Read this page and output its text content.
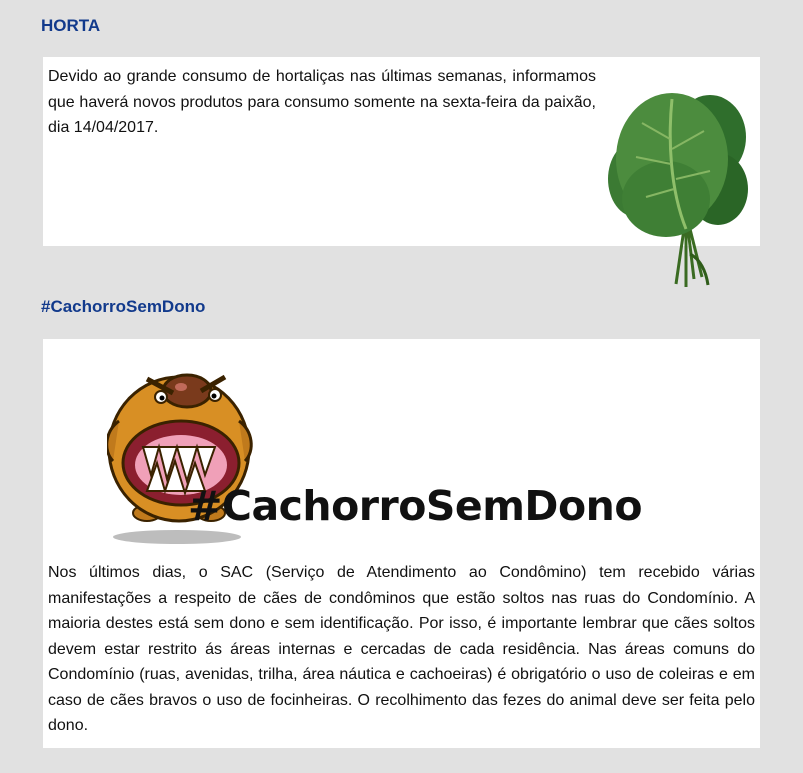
HORTA

Devido ao grande consumo de hortaliças nas últimas semanas, informamos que haverá novos produtos para consumo somente na sexta-feira da paixão, dia 14/04/2017.

#CachorroSemDono
#CachorroSemDono

Nos últimos dias, o SAC (Serviço de Atendimento ao Condômino) tem recebido várias manifestações a respeito de cães de condôminos que estão soltos nas ruas do Condomínio. A maioria destes está sem dono e sem identificação. Por isso, é importante lembrar que cães soltos devem estar restrito ás áreas internas e cercadas de cada residência. Nas áreas comuns do Condomínio (ruas, avenidas, trilha, área náutica e cachoeiras) é obrigatório o uso de coleiras e em caso de cães bravos o uso de focinheiras. O recolhimento das fezes do animal deve ser feita pelo dono.
